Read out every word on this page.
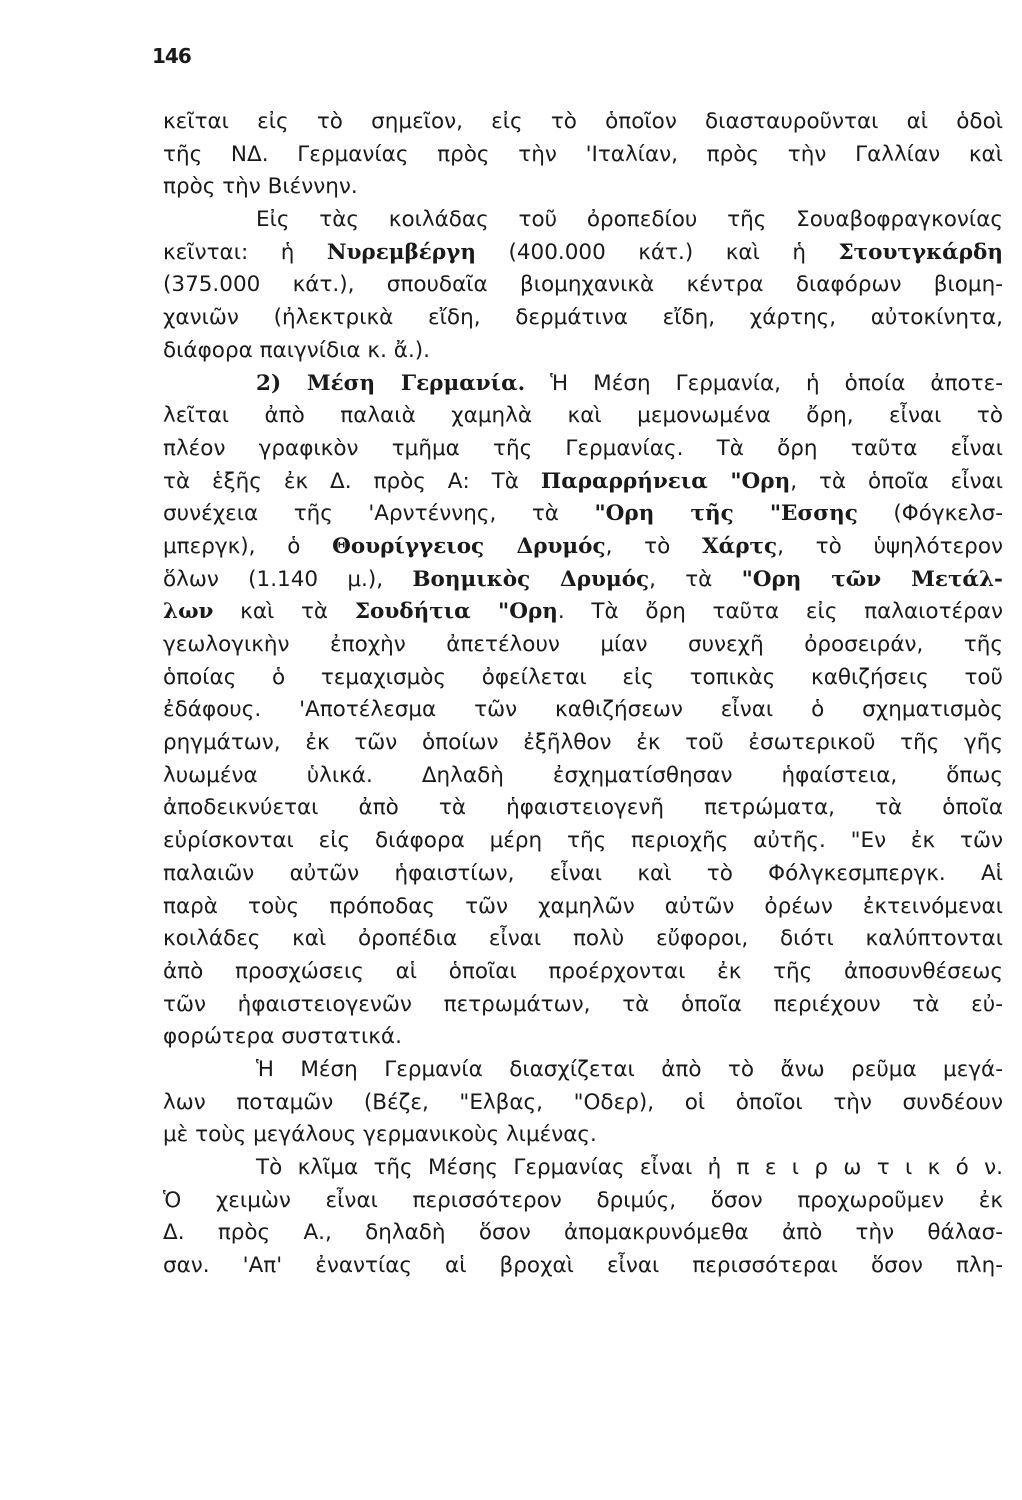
146
κεῖται εἰς τὸ σημεῖον, εἰς τὸ ὁποῖον διασταυροῦνται αἱ ὁδοὶ
τῆς ΝΔ. Γερμανίας πρὸς τὴν 'Ιταλίαν, πρὸς τὴν Γαλλίαν καὶ
πρὸς τὴν Βιέννην.
Εἰς τὰς κοιλάδας τοῦ ὀροπεδίου τῆς Σουαβοφραγκονίας
κεῖνται: ἡ Νυρεμβέργη (400.000 κάτ.) καὶ ἡ Στουτγκάρδη
(375.000 κάτ.), σπουδαῖα βιομηχανικὰ κέντρα διαφόρων βιομη-
χανιῶν (ἠλεκτρικὰ εἴδη, δερμάτινα εἴδη, χάρτης, αὐτοκίνητα,
διάφορα παιγνίδια κ. ἄ.).
2) Μέση Γερμανία. Ἡ Μέση Γερμανία, ἡ ὁποία ἀποτε-
λεῖται ἀπὸ παλαιὰ χαμηλὰ καὶ μεμονωμένα ὄρη, εἶναι τὸ
πλέον γραφικὸν τμῆμα τῆς Γερμανίας. Τὰ ὄρη ταῦτα εἶναι
τὰ ἑξῆς ἐκ Δ. πρὸς Α: Τὰ Παραρρήνεια "Ορη, τὰ ὁποῖα εἶναι
συνέχεια τῆς 'Αρντέννης, τὰ "Ορη τῆς "Εσσης (Φόγκελσ-
μπεργκ), ὁ Θουρίγγειος Δρυμός, τὸ Χάρτς, τὸ ὑψηλότερον
ὅλων (1.140 μ.), Βοημικὸς Δρυμός, τὰ "Ορη τῶν Μετάλ-
λων καὶ τὰ Σουδήτια "Ορη. Τὰ ὄρη ταῦτα εἰς παλαιοτέραν
γεωλογικὴν ἐποχὴν ἀπετέλουν μίαν συνεχῆ ὀροσειράν, τῆς
ὁποίας ὁ τεμαχισμὸς ὀφείλεται εἰς τοπικὰς καθιζήσεις τοῦ
ἐδάφους. 'Αποτέλεσμα τῶν καθιζήσεων εἶναι ὁ σχηματισμὸς
ρηγμάτων, ἐκ τῶν ὁποίων ἐξῆλθον ἐκ τοῦ ἐσωτερικοῦ τῆς γῆς
λυωμένα ὑλικά. Δηλαδὴ ἐσχηματίσθησαν ἡφαίστεια, ὅπως
ἀποδεικνύεται ἀπὸ τὰ ἡφαιστειογενῆ πετρώματα, τὰ ὁποῖα
εὑρίσκονται εἰς διάφορα μέρη τῆς περιοχῆς αὐτῆς. "Εν ἐκ τῶν
παλαιῶν αὐτῶν ἡφαιστίων, εἶναι καὶ τὸ Φόλγκεσμπεργκ. Αἱ
παρὰ τοὺς πρόποδας τῶν χαμηλῶν αὐτῶν ὀρέων ἐκτεινόμεναι
κοιλάδες καὶ ὀροπέδια εἶναι πολὺ εὔφοροι, διότι καλύπτονται
ἀπὸ προσχώσεις αἱ ὁποῖαι προέρχονται ἐκ τῆς ἀποσυνθέσεως
τῶν ἡφαιστειογενῶν πετρωμάτων, τὰ ὁποῖα περιέχουν τὰ εὐ-
φορώτερα συστατικά.
Ἡ Μέση Γερμανία διασχίζεται ἀπὸ τὸ ἄνω ρεῦμα μεγά-
λων ποταμῶν (Βέζε, "Ελβας, "Οδερ), οἱ ὁποῖοι τὴν συνδέουν
μὲ τοὺς μεγάλους γερμανικοὺς λιμένας.
Τὸ κλῖμα τῆς Μέσης Γερμανίας εἶναι ἠ π ε ι ρ ω τ ι κ ό ν.
Ὁ χειμὼν εἶναι περισσότερον δριμύς, ὅσον προχωροῦμεν ἐκ
Δ. πρὸς Α., δηλαδὴ ὅσον ἀπομακρυνόμεθα ἀπὸ τὴν θάλασ-
σαν. 'Απ' ἐναντίας αἱ βροχαὶ εἶναι περισσότεραι ὅσον πλη-
